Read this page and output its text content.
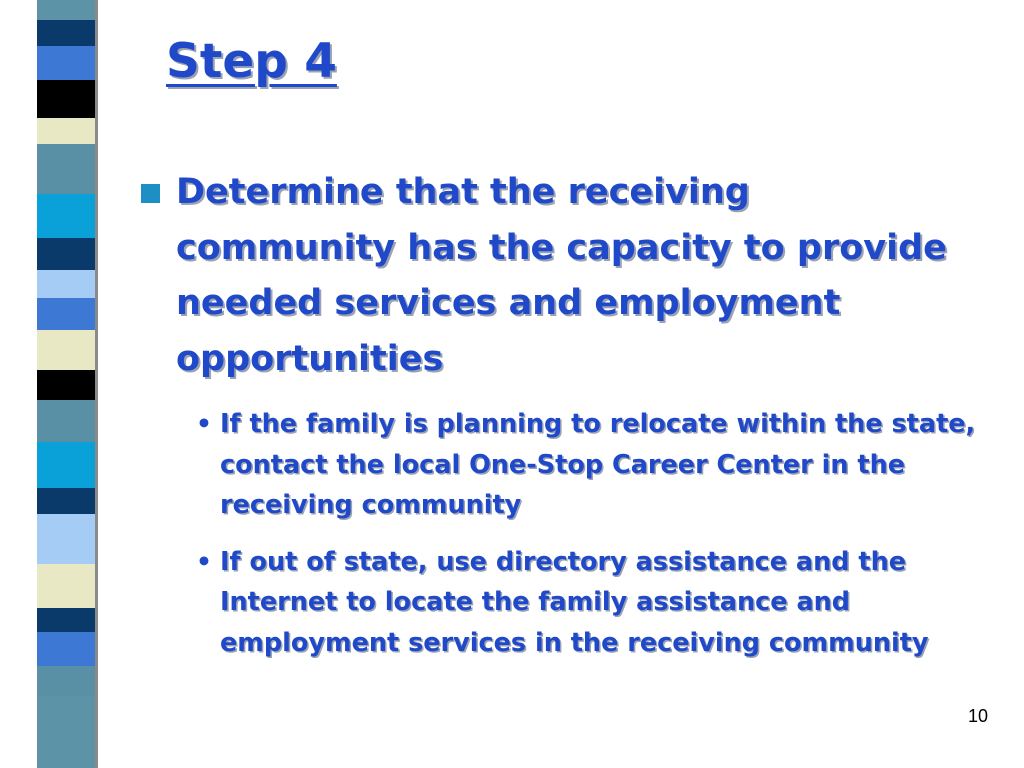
Step 4
Determine that the receiving community has the capacity to provide needed services and employment opportunities
• If the family is planning to relocate within the state, contact the local One-Stop Career Center in the receiving community
• If out of state, use directory assistance and the Internet to locate the family assistance and employment services in the receiving community
10
